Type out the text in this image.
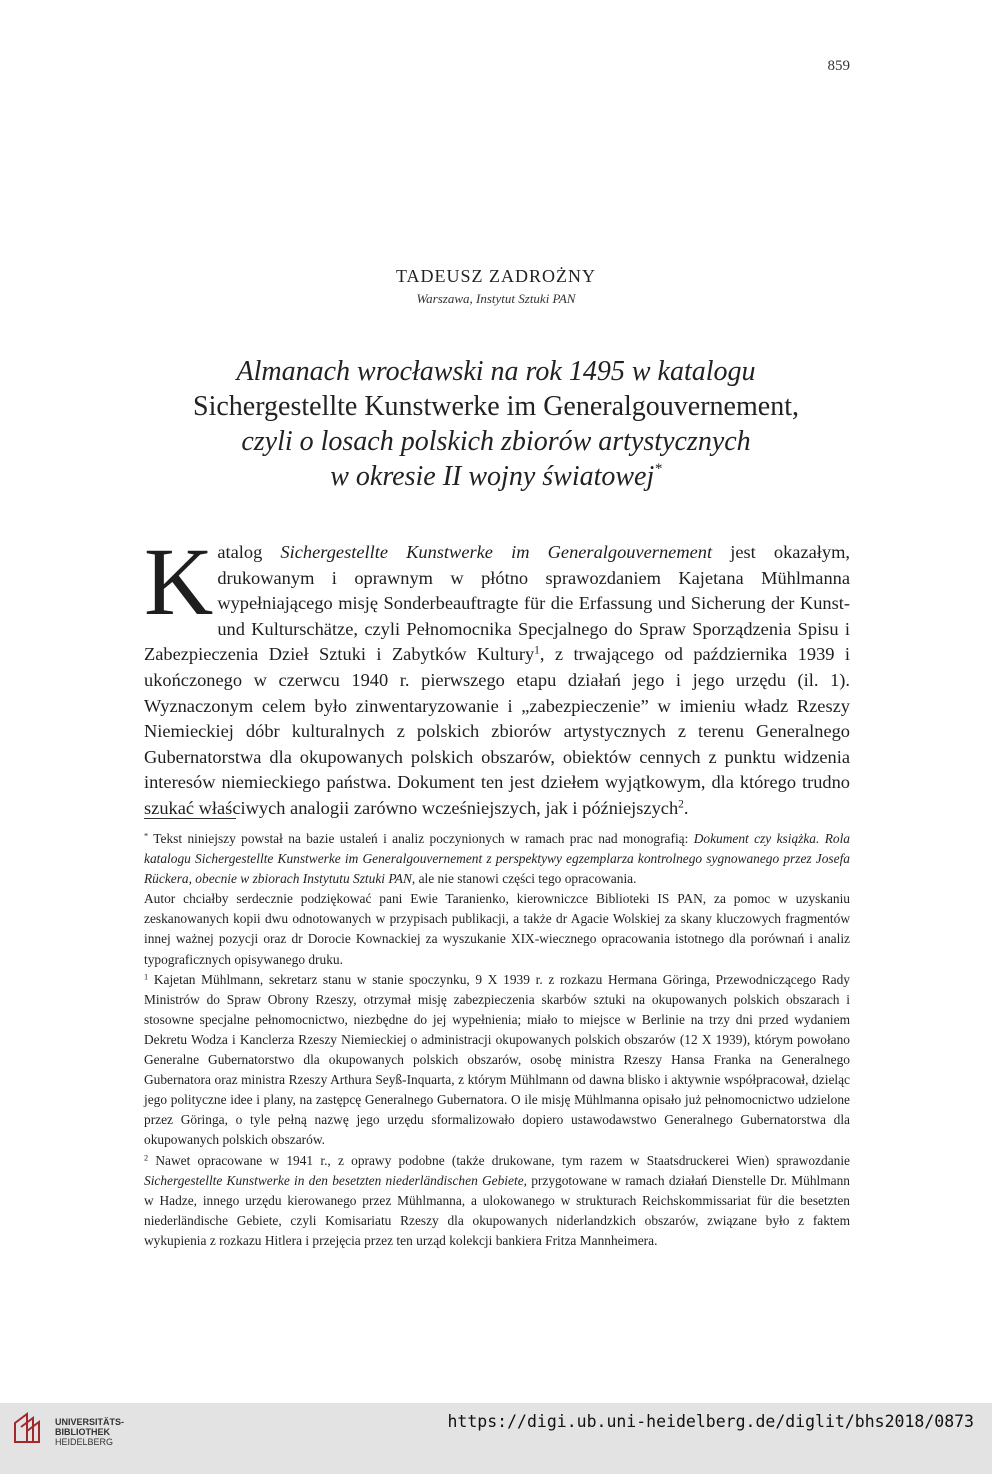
859
TADEUSZ ZADROŻNY
Warszawa, Instytut Sztuki PAN
Almanach wrocławski na rok 1495 w katalogu
Sichergestellte Kunstwerke im Generalgouvernement,
czyli o losach polskich zbiorów artystycznych
w okresie II wojny światowej*

Katalog Sichergestellte Kunstwerke im Generalgouvernement jest okazałym, drukowanym i oprawnym w płótno sprawozdaniem Kajetana Mühlmanna wypełniającego misję Sonderbeauftragte für die Erfassung und Sicherung der Kunst- und Kulturschätze, czyli Pełnomocnika Specjalnego do Spraw Sporządzenia Spisu i Zabezpieczenia Dzieł Sztuki i Zabytków Kultury$^1$, z trwającego od października 1939 i ukończonego w czerwcu 1940 r. pierwszego etapu działań jego i jego urzędu (il. 1). Wyznaczonym celem było zinwentaryzowanie i „zabezpieczenie” w imieniu władz Rzeszy Niemieckiej dóbr kulturalnych z polskich zbiorów artystycznych z terenu Generalnego Gubernatorstwa dla okupowanych polskich obszarów, obiektów cennych z punktu widzenia interesów niemieckiego państwa. Dokument ten jest dziełem wyjątkowym, dla którego trudno szukać właściwych analogii zarówno wcześniejszych, jak i późniejszych$^2$.

* Tekst niniejszy powstał na bazie ustaleń i analiz poczynionych w ramach prac nad monografią: Dokument czy książka. Rola katalogu Sichergestellte Kunstwerke im Generalgouvernement z perspektywy egzemplarza kontrolnego sygnowanego przez Josefa Rückera, obecnie w zbiorach Instytutu Sztuki PAN, ale nie stanowi części tego opracowania.

Autor chciałby serdecznie podziękować pani Ewie Taranienko, kierowniczce Biblioteki IS PAN, za pomoc w uzyskaniu zeskanowanych kopii dwu odnotowanych w przypisach publikacji, a także dr Agacie Wolskiej za skany kluczowych fragmentów innej ważnej pozycji oraz dr Dorocie Kownackiej za wyszukanie XIX-wiecznego opracowania istotnego dla porównań i analiz typograficznych opisywanego druku.

$^1$ Kajetan Mühlmann, sekretarz stanu w stanie spoczynku, 9 X 1939 r. z rozkazu Hermana Göringa, Przewodniczącego Rady Ministrów do Spraw Obrony Rzeszy, otrzymał misję zabezpieczenia skarbów sztuki na okupowanych polskich obszarach i stosowne specjalne pełnomocnictwo, niezbędne do jej wypełnienia; miało to miejsce w Berlinie na trzy dni przed wydaniem Dekretu Wodza i Kanclerza Rzeszy Niemieckiej o administracji okupowanych polskich obszarów (12 X 1939), którym powołano Generalne Gubernatorstwo dla okupowanych polskich obszarów, osobę ministra Rzeszy Hansa Franka na Generalnego Gubernatora oraz ministra Rzeszy Arthura Seyß-Inquarta, z którym Mühlmann od dawna blisko i aktywnie współpracował, dzieląc jego polityczne idee i plany, na zastępcę Generalnego Gubernatora. O ile misję Mühlmanna opisało już pełnomocnictwo udzielone przez Göringa, o tyle pełną nazwę jego urzędu sformalizowało dopiero ustawodawstwo Generalnego Gubernatorstwa dla okupowanych polskich obszarów.

$^2$ Nawet opracowane w 1941 r., z oprawy podobne (także drukowane, tym razem w Staatsdruckerei Wien) sprawozdanie Sichergestellte Kunstwerke in den besetzten niederländischen Gebiete, przygotowane w ramach działań Dienstelle Dr. Mühlmann w Hadze, innego urzędu kierowanego przez Mühlmanna, a ulokowanego w strukturach Reichskommissariat für die besetzten niederländische Gebiete, czyli Komisariatu Rzeszy dla okupowanych niderlandzkich obszarów, związane było z faktem wykupienia z rozkazu Hitlera i przejęcia przez ten urząd kolekcji bankiera Fritza Mannheimera.

UNIVERSITÄTS-
BIBLIOTHEK
HEIDELBERG
https://digi.ub.uni-heidelberg.de/diglit/bhs2018/0873
